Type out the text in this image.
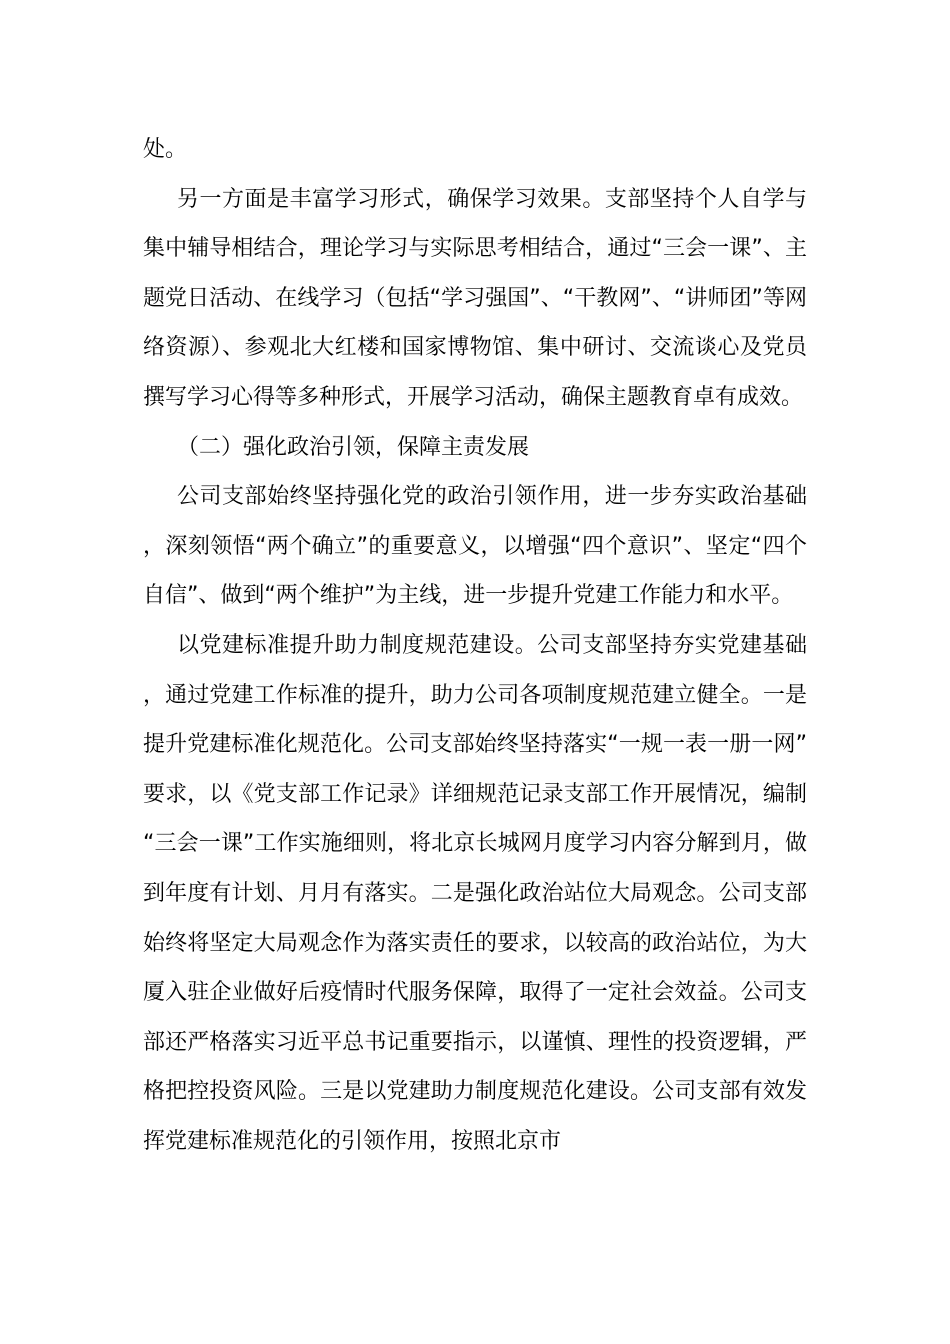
处。

另一方面是丰富学习形式，确保学习效果。支部坚持个人自学与集中辅导相结合，理论学习与实际思考相结合，通过“三会一课”、主题党日活动、在线学习（包括“学习强国”、“干教网”、“讲师团”等网络资源）、参观北大红楼和国家博物馆、集中研讨、交流谈心及党员撰写学习心得等多种形式，开展学习活动，确保主题教育卓有成效。

（二）强化政治引领，保障主责发展

公司支部始终坚持强化党的政治引领作用，进一步夯实政治基础，深刻领悟“两个确立”的重要意义，以增强“四个意识”、坚定“四个自信”、做到“两个维护”为主线，进一步提升党建工作能力和水平。

以党建标准提升助力制度规范建设。公司支部坚持夯实党建基础，通过党建工作标准的提升，助力公司各项制度规范建立健全。一是提升党建标准化规范化。公司支部始终坚持落实“一规一表一册一网”要求，以《党支部工作记录》详细规范记录支部工作开展情况，编制“三会一课”工作实施细则，将北京长城网月度学习内容分解到月，做到年度有计划、月月有落实。二是强化政治站位大局观念。公司支部始终将坚定大局观念作为落实责任的要求，以较高的政治站位，为大厦入驻企业做好后疫情时代服务保障，取得了一定社会效益。公司支部还严格落实习近平总书记重要指示，以谨慎、理性的投资逻辑，严格把控投资风险。三是以党建助力制度规范化建设。公司支部有效发挥党建标准规范化的引领作用，按照北京市
